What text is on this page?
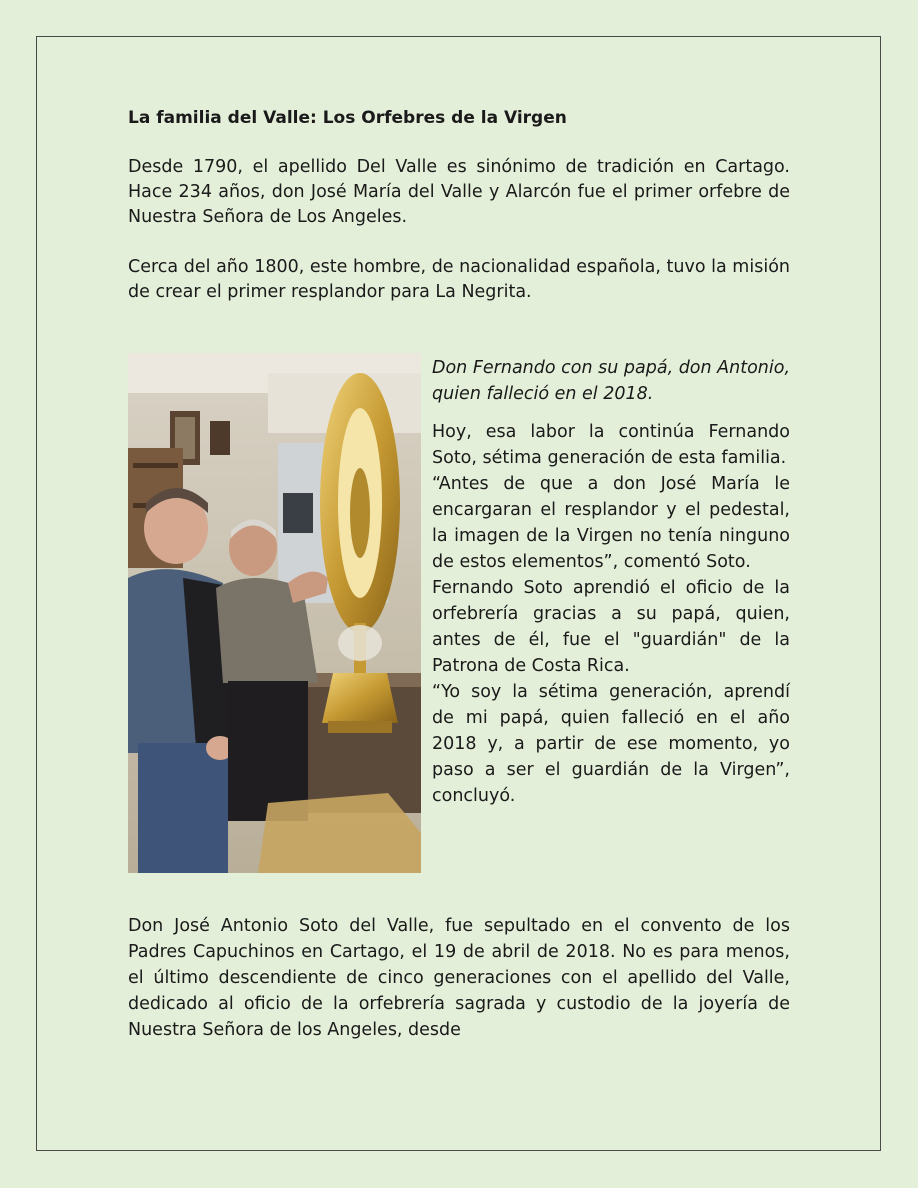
La familia del Valle: Los Orfebres de la Virgen

Desde 1790, el apellido Del Valle es sinónimo de tradición en Cartago. Hace 234 años, don José María del Valle y Alarcón fue el primer orfebre de Nuestra Señora de Los Angeles.

Cerca del año 1800, este hombre, de nacionalidad española, tuvo la misión de crear el primer resplandor para La Negrita.

Don Fernando con su papá, don Antonio, quien falleció en el 2018.

Hoy, esa labor la continúa Fernando Soto, sétima generación de esta familia.

“Antes de que a don José María le encargaran el resplandor y el pedestal, la imagen de la Virgen no tenía ninguno de estos elementos”, comentó Soto.

Fernando Soto aprendió el oficio de la orfebrería gracias a su papá, quien, antes de él, fue el "guardián" de la Patrona de Costa Rica.

“Yo soy la sétima generación, aprendí de mi papá, quien falleció en el año 2018 y, a partir de ese momento, yo paso a ser el guardián de la Virgen”, concluyó.

Don José Antonio Soto del Valle, fue sepultado en el convento de los Padres Capuchinos en Cartago, el 19 de abril de 2018. No es para menos, el último descendiente de cinco generaciones con el apellido del Valle, dedicado al oficio de la orfebrería sagrada y custodio de la joyería de Nuestra Señora de los Angeles, desde
